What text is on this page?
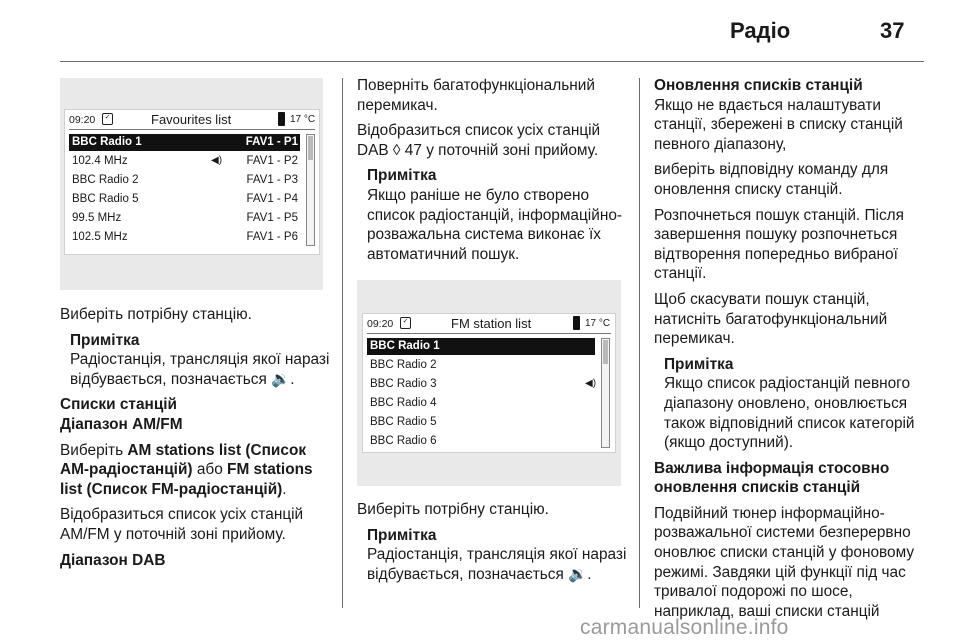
Радіо	37
09:20	✓	Favourites list	17 °C
BBC Radio 1	FAV1 - P1
102.4 MHz	FAV1 - P2
BBC Radio 2	FAV1 - P3
BBC Radio 5	FAV1 - P4
99.5 MHz	FAV1 - P5
102.5 MHz	FAV1 - P6
◀)

Виберіть потрібну станцію.

Примітка
Радіостанція, трансляція якої наразі відбувається, позначається 🔉.
Списки станцій
Діапазон AM/FM

Виберіть AM stations list (Список AM-радіостанцій) або FM stations list (Список FM-радіостанцій).

Відобразиться список усіх станцій AM/FM у поточній зоні прийому.

Діапазон DAB

Поверніть багатофункціональний перемикач.

Відобразиться список усіх станцій DAB ◊ 47 у поточній зоні прийому.

Примітка
Якщо раніше не було створено список радіостанцій, інформаційно-розважальна система виконає їх автоматичний пошук.
09:20	✓	FM station list	17 °C
BBC Radio 1
BBC Radio 2
BBC Radio 3
BBC Radio 4
BBC Radio 5
BBC Radio 6
◀)

Виберіть потрібну станцію.

Примітка
Радіостанція, трансляція якої наразі відбувається, позначається 🔉.
Оновлення списків станцій

Якщо не вдається налаштувати станції, збережені в списку станцій певного діапазону,

виберіть відповідну команду для оновлення списку станцій.

Розпочнеться пошук станцій. Після завершення пошуку розпочнеться відтворення попередньо вибраної станції.

Щоб скасувати пошук станцій, натисніть багатофункціональний перемикач.

Примітка
Якщо список радіостанцій певного діапазону оновлено, оновлюється також відповідний список категорій (якщо доступний).
Важлива інформація стосовно оновлення списків станцій

Подвійний тюнер інформаційно-розважальної системи безперервно оновлює списки станцій у фоновому режимі. Завдяки цій функції під час тривалої подорожі по шосе, наприклад, ваші списки станцій

carmanualsonline.info
